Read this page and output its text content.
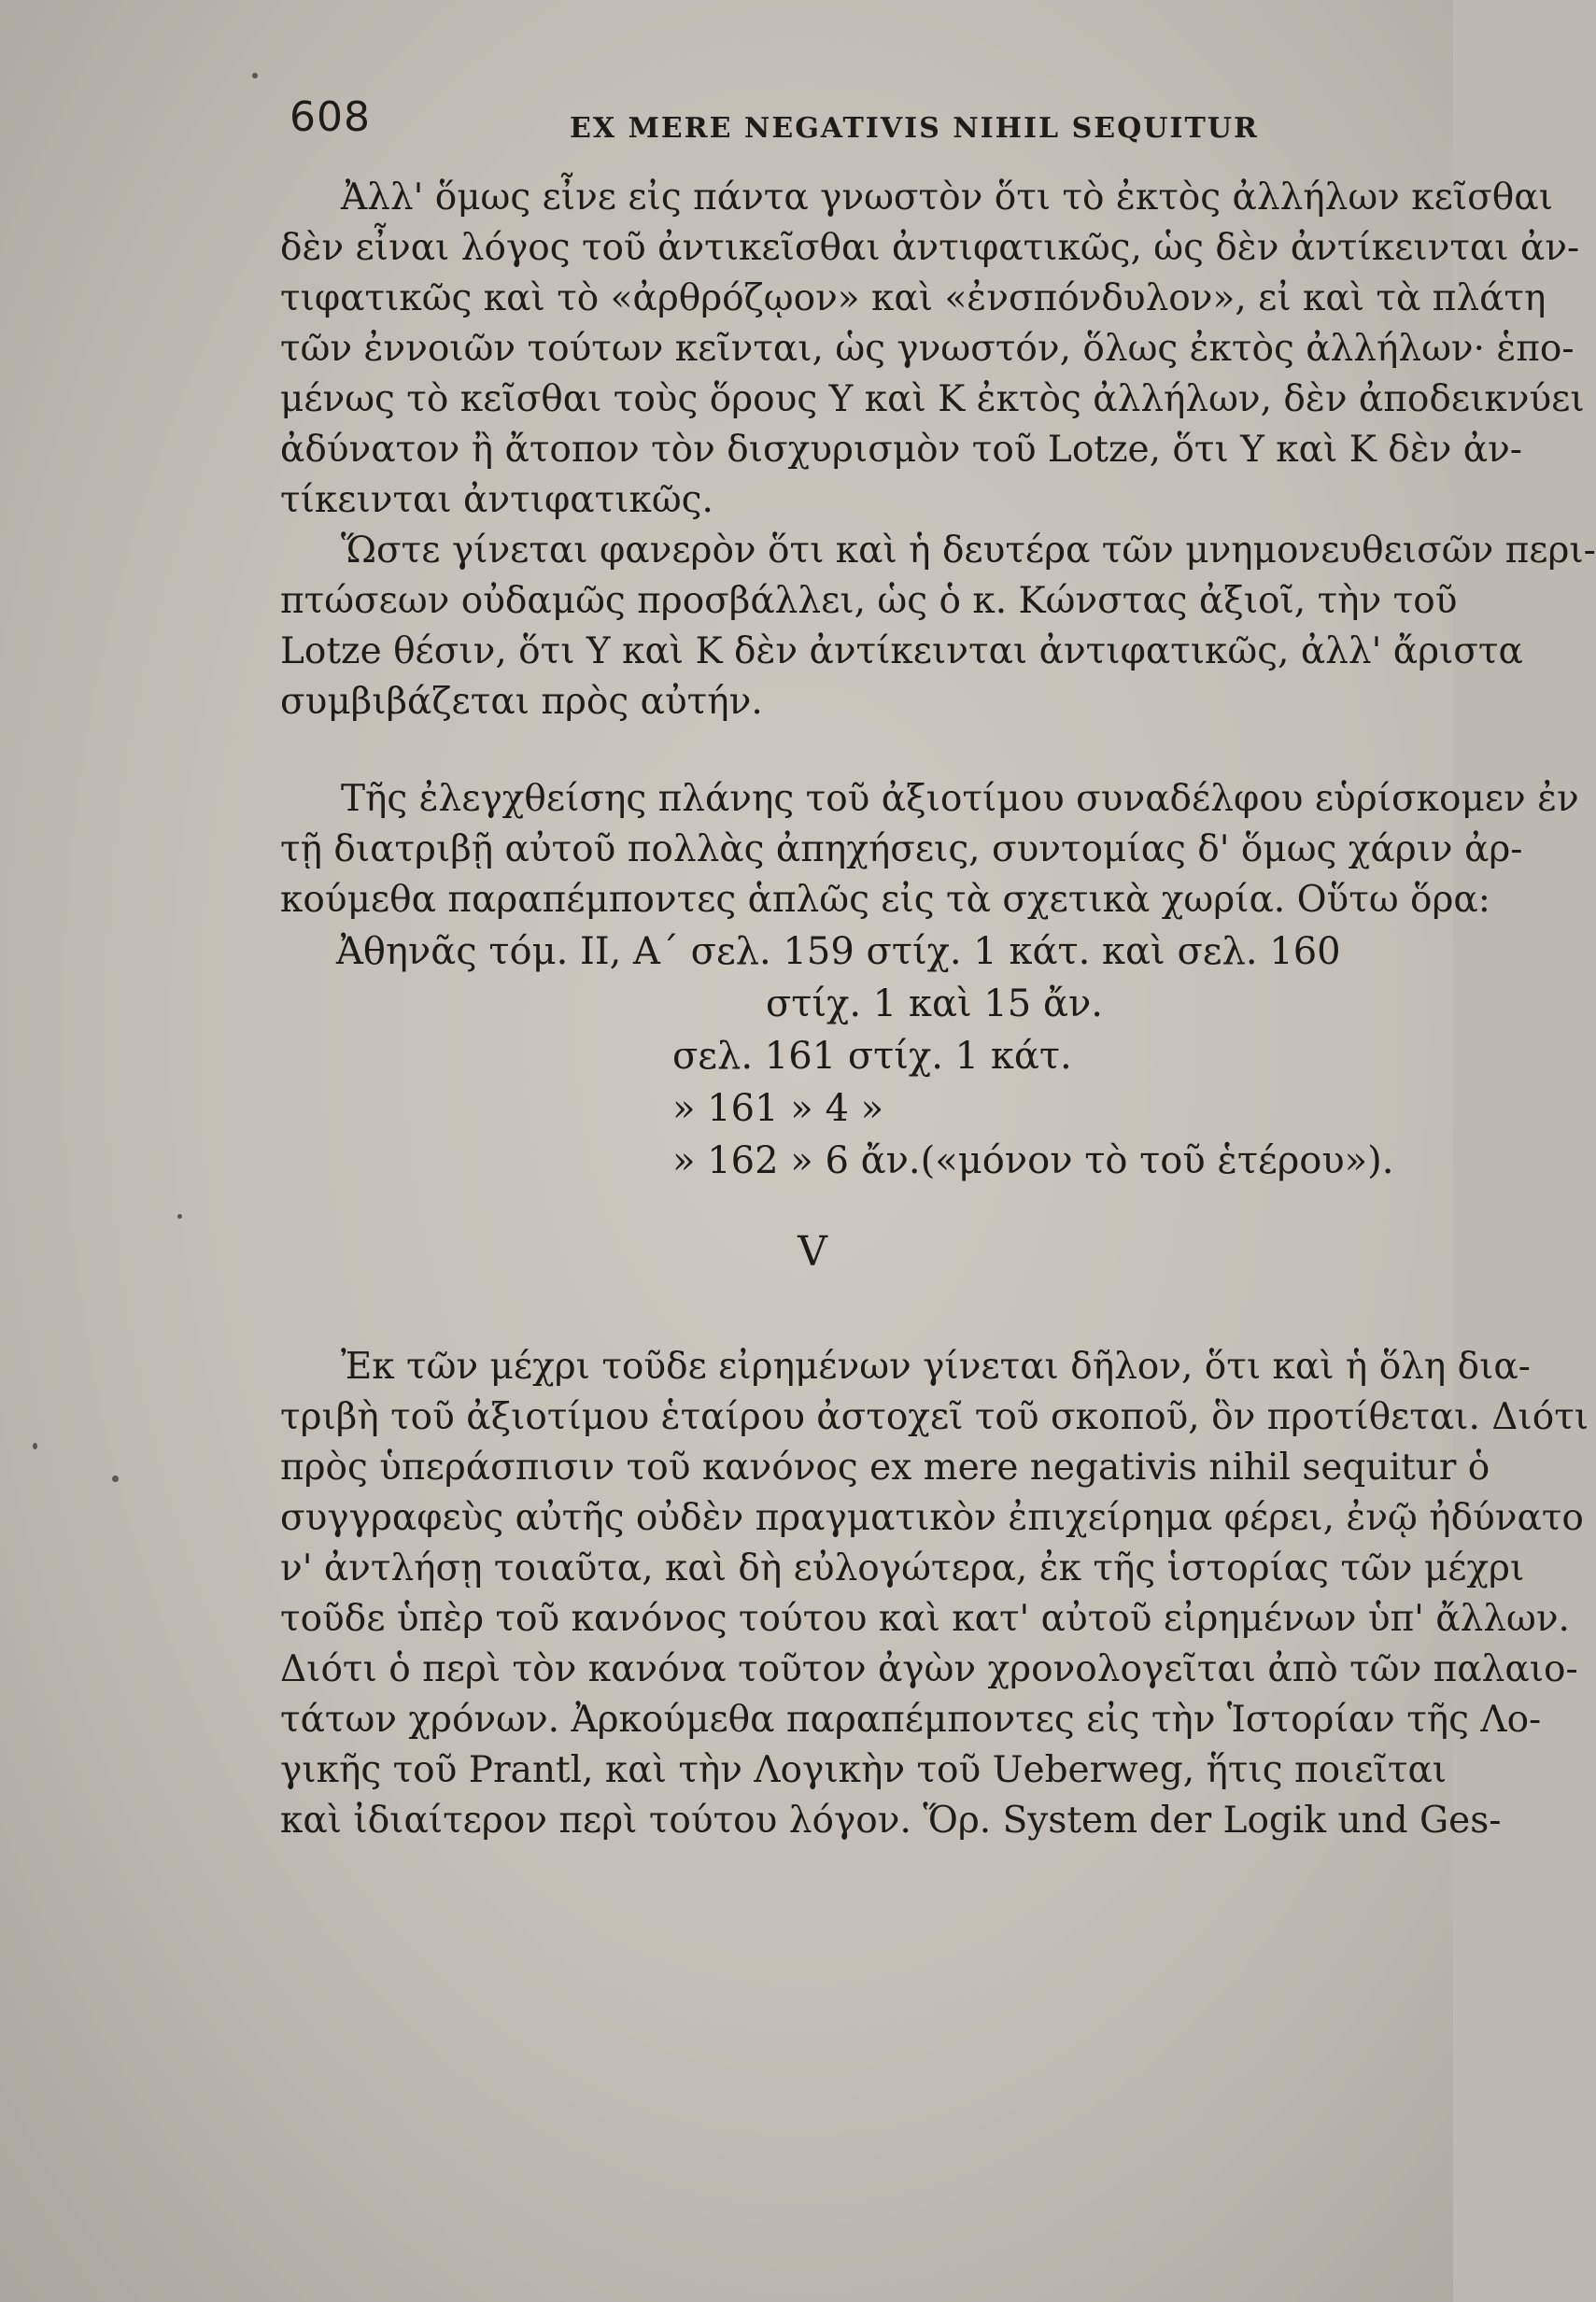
608	EX MERE NEGATIVIS NIHIL SEQUITUR

Ἀλλ' ὅμως εἶνε εἰς πάντα γνωστὸν ὅτι τὸ ἐκτὸς ἀλλήλων κεῖσθαι

δὲν εἶναι λόγος τοῦ ἀντικεῖσθαι ἀντιφατικῶς, ὡς δὲν ἀντίκεινται ἀν-

τιφατικῶς καὶ τὸ «ἀρθρόζῳον» καὶ «ἐνσπόνδυλον», εἰ καὶ τὰ πλάτη

τῶν ἐννοιῶν τούτων κεῖνται, ὡς γνωστόν, ὅλως ἐκτὸς ἀλλήλων· ἑπο-

μένως τὸ κεῖσθαι τοὺς ὅρους Υ καὶ Κ ἐκτὸς ἀλλήλων, δὲν ἀποδεικνύει

ἀδύνατον ἢ ἄτοπον τὸν δισχυρισμὸν τοῦ Lotze, ὅτι Υ καὶ Κ δὲν ἀν-

τίκεινται ἀντιφατικῶς.

Ὥστε γίνεται φανερὸν ὅτι καὶ ἡ δευτέρα τῶν μνημονευθεισῶν περι-

πτώσεων οὐδαμῶς προσβάλλει, ὡς ὁ κ. Κώνστας ἀξιοῖ, τὴν τοῦ

Lotze θέσιν, ὅτι Υ καὶ Κ δὲν ἀντίκεινται ἀντιφατικῶς, ἀλλ' ἄριστα

συμβιβάζεται πρὸς αὐτήν.

Τῆς ἐλεγχθείσης πλάνης τοῦ ἀξιοτίμου συναδέλφου εὑρίσκομεν ἐν

τῇ διατριβῇ αὐτοῦ πολλὰς ἀπηχήσεις, συντομίας δ' ὅμως χάριν ἀρ-

κούμεθα παραπέμποντες ἁπλῶς εἰς τὰ σχετικὰ χωρία. Οὕτω ὅρα:

Ἀθηνᾶς τόμ. II, Α΄ σελ. 159 στίχ. 1 κάτ. καὶ σελ. 160
στίχ. 1 καὶ 15 ἄν.
σελ. 161 στίχ. 1 κάτ.
» 161 » 4 »
» 162 » 6 ἄν.(«μόνον τὸ τοῦ ἑτέρου»).
V

Ἐκ τῶν μέχρι τοῦδε εἰρημένων γίνεται δῆλον, ὅτι καὶ ἡ ὅλη δια-

τριβὴ τοῦ ἀξιοτίμου ἑταίρου ἀστοχεῖ τοῦ σκοποῦ, ὃν προτίθεται. Διότι

πρὸς ὑπεράσπισιν τοῦ κανόνος ex mere negativis nihil sequitur ὁ

συγγραφεὺς αὐτῆς οὐδὲν πραγματικὸν ἐπιχείρημα φέρει, ἐνῷ ἠδύνατο

ν' ἀντλήσῃ τοιαῦτα, καὶ δὴ εὐλογώτερα, ἐκ τῆς ἱστορίας τῶν μέχρι

τοῦδε ὑπὲρ τοῦ κανόνος τούτου καὶ κατ' αὐτοῦ εἰρημένων ὑπ' ἄλλων.

Διότι ὁ περὶ τὸν κανόνα τοῦτον ἀγὼν χρονολογεῖται ἀπὸ τῶν παλαιο-

τάτων χρόνων. Ἀρκούμεθα παραπέμποντες εἰς τὴν Ἱστορίαν τῆς Λο-

γικῆς τοῦ Prantl, καὶ τὴν Λογικὴν τοῦ Ueberweg, ἥτις ποιεῖται

καὶ ἰδιαίτερον περὶ τούτου λόγον. Ὅρ. System der Logik und Ges-
